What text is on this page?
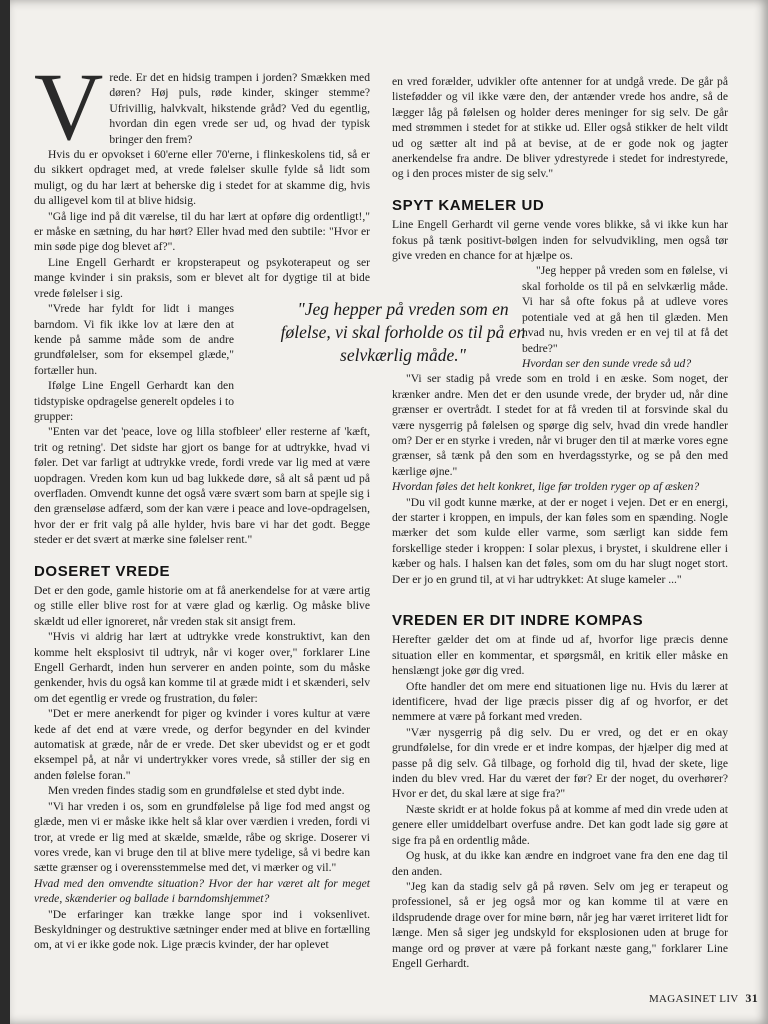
V rede. Er det en hidsig trampen i jorden? Smækken med døren? Høj puls, røde kinder, skinger stemme? Ufrivillig, halvkvalt, hikstende gråd? Ved du egentlig, hvordan din egen vrede ser ud, og hvad der typisk bringer den frem?

Hvis du er opvokset i 60'erne eller 70'erne, i flinkeskolens tid, så er du sikkert opdraget med, at vrede følelser skulle fylde så lidt som muligt, og du har lært at beherske dig i stedet for at skamme dig, hvis du alligevel kom til at blive hidsig.

"Gå lige ind på dit værelse, til du har lært at opføre dig ordentligt!," er måske en sætning, du har hørt? Eller hvad med den subtile: "Hvor er min søde pige dog blevet af?".

Line Engell Gerhardt er kropsterapeut og psykoterapeut og ser mange kvinder i sin praksis, som er blevet alt for dygtige til at bide vrede følelser i sig.

"Vrede har fyldt for lidt i manges barndom. Vi fik ikke lov at lære den at kende på samme måde som de andre grundfølelser, som for eksempel glæde," fortæller hun.

Ifølge Line Engell Gerhardt kan den tidstypiske opdragelse generelt opdeles i to grupper:

"Enten var det 'peace, love og lilla stofbleer' eller resterne af 'kæft, trit og retning'. Det sidste har gjort os bange for at udtrykke, hvad vi føler. Det var farligt at udtrykke vrede, fordi vrede var lig med at være uopdragen. Vreden kom kun ud bag lukkede døre, så alt så pænt ud på overfladen. Omvendt kunne det også være svært som barn at spejle sig i den grænseløse adfærd, som der kan være i peace and love-opdragelsen, hvor der er frit valg på alle hylder, hvis bare vi har det godt. Begge steder er det svært at mærke sine følelser rent."

DOSERET VREDE

Det er den gode, gamle historie om at få anerkendelse for at være artig og stille eller blive rost for at være glad og kærlig. Og måske blive skældt ud eller ignoreret, når vreden stak sit ansigt frem.

"Hvis vi aldrig har lært at udtrykke vrede konstruktivt, kan den komme helt eksplosivt til udtryk, når vi koger over," forklarer Line Engell Gerhardt, inden hun serverer en anden pointe, som du måske genkender, hvis du også kan komme til at græde midt i et skænderi, selv om det egentlig er vrede og frustration, du føler:

"Det er mere anerkendt for piger og kvinder i vores kultur at være kede af det end at være vrede, og derfor begynder en del kvinder automatisk at græde, når de er vrede. Det sker ubevidst og er et godt eksempel på, at når vi undertrykker vores vrede, så stiller der sig en anden følelse foran."

Men vreden findes stadig som en grundfølelse et sted dybt inde.

"Vi har vreden i os, som en grundfølelse på lige fod med angst og glæde, men vi er måske ikke helt så klar over værdien i vreden, fordi vi tror, at vrede er lig med at skælde, smælde, råbe og skrige. Doserer vi vores vrede, kan vi bruge den til at blive mere tydelige, så vi bedre kan sætte grænser og i overensstemmelse med det, vi mærker og vil."

Hvad med den omvendte situation? Hvor der har været alt for meget vrede, skænderier og ballade i barndomshjemmet?

"De erfaringer kan trække lange spor ind i voksenlivet. Beskyldninger og destruktive sætninger ender med at blive en fortælling om, at vi er ikke gode nok. Lige præcis kvinder, der har oplevet

"Jeg hepper på vreden som en følelse, vi skal forholde os til på en selvkærlig måde."

en vred forælder, udvikler ofte antenner for at undgå vrede. De går på listefødder og vil ikke være den, der antænder vrede hos andre, så de lægger låg på følelsen og holder deres meninger for sig selv. De går med strømmen i stedet for at stikke ud. Eller også stikker de helt vildt ud og sætter alt ind på at bevise, at de er gode nok og jagter anerkendelse fra andre. De bliver ydrestyrede i stedet for indrestyrede, og i den proces mister de sig selv."

SPYT KAMELER UD

Line Engell Gerhardt vil gerne vende vores blikke, så vi ikke kun har fokus på tænk positivt-bølgen inden for selvudvikling, men også tør give vreden en chance for at hjælpe os.

"Jeg hepper på vreden som en følelse, vi skal forholde os til på en selvkærlig måde. Vi har så ofte fokus på at udleve vores potentiale ved at gå hen til glæden. Men hvad nu, hvis vreden er en vej til at få det bedre?"

Hvordan ser den sunde vrede så ud?

"Vi ser stadig på vrede som en trold i en æske. Som noget, der krænker andre. Men det er den usunde vrede, der bryder ud, når dine grænser er overtrådt. I stedet for at få vreden til at forsvinde skal du være nysgerrig på følelsen og spørge dig selv, hvad din vrede handler om? Der er en styrke i vreden, når vi bruger den til at mærke vores egne grænser, så tænk på den som en hverdagsstyrke, og se på den med kærlige øjne."

Hvordan føles det helt konkret, lige før trolden ryger op af æsken?

"Du vil godt kunne mærke, at der er noget i vejen. Det er en energi, der starter i kroppen, en impuls, der kan føles som en spænding. Nogle mærker det som kulde eller varme, som særligt kan sidde fem forskellige steder i kroppen: I solar plexus, i brystet, i skuldrene eller i kæber og hals. I halsen kan det føles, som om du har slugt noget stort. Der er jo en grund til, at vi har udtrykket: At sluge kameler ..."

VREDEN ER DIT INDRE KOMPAS

Herefter gælder det om at finde ud af, hvorfor lige præcis denne situation eller en kommentar, et spørgsmål, en kritik eller måske en henslængt joke gør dig vred.

Ofte handler det om mere end situationen lige nu. Hvis du lærer at identificere, hvad der lige præcis pisser dig af og hvorfor, er det nemmere at være på forkant med vreden.

"Vær nysgerrig på dig selv. Du er vred, og det er en okay grundfølelse, for din vrede er et indre kompas, der hjælper dig med at passe på dig selv. Gå tilbage, og forhold dig til, hvad der skete, lige inden du blev vred. Har du været der før? Er der noget, du overhører? Hvor er det, du skal lære at sige fra?"

Næste skridt er at holde fokus på at komme af med din vrede uden at genere eller umiddelbart overfuse andre. Det kan godt lade sig gøre at sige fra på en ordentlig måde.

Og husk, at du ikke kan ændre en indgroet vane fra den ene dag til den anden.

"Jeg kan da stadig selv gå på røven. Selv om jeg er terapeut og professionel, så er jeg også mor og kan komme til at være en ildsprudende drage over for mine børn, når jeg har været irriteret lidt for længe. Men så siger jeg undskyld for eksplosionen uden at bruge for mange ord og prøver at være på forkant næste gang," forklarer Line Engell Gerhardt.

MAGASINET LIV 31
